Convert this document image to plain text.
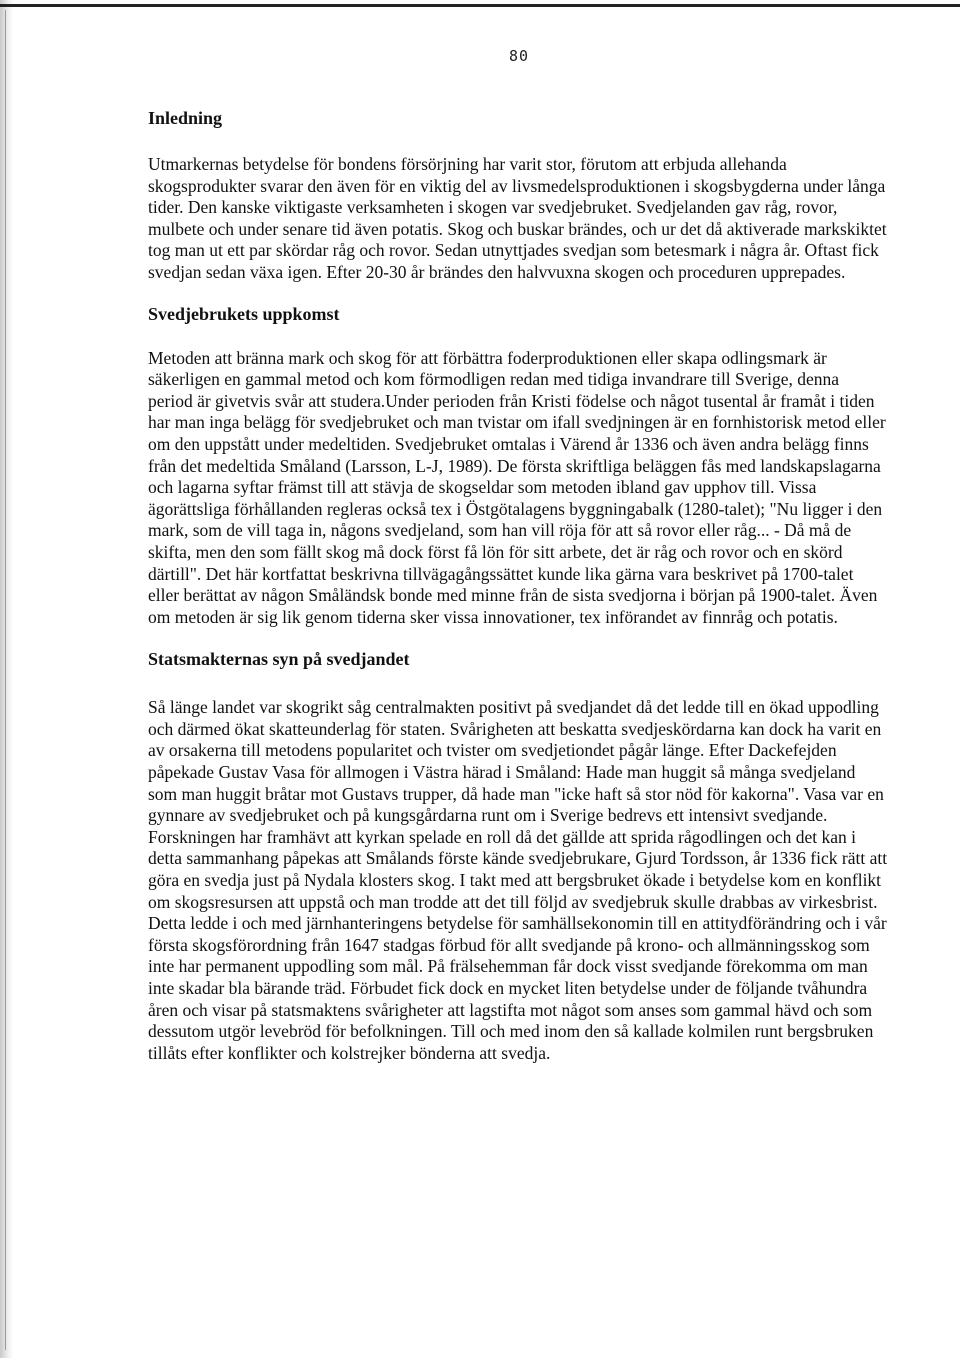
80
Inledning

Utmarkernas betydelse för bondens försörjning har varit stor, förutom att erbjuda allehanda skogsprodukter svarar den även för en viktig del av livsmedelsproduktionen i skogsbygderna under långa tider. Den kanske viktigaste verksamheten i skogen var svedjebruket. Svedjelanden gav råg, rovor, mulbete och under senare tid även potatis. Skog och buskar brändes, och ur det då aktiverade markskiktet tog man ut ett par skördar råg och rovor. Sedan utnyttjades svedjan som betesmark i några år. Oftast fick svedjan sedan växa igen. Efter 20-30 år brändes den halvvuxna skogen och proceduren upprepades.

Svedjebrukets uppkomst

Metoden att bränna mark och skog för att förbättra foderproduktionen eller skapa odlingsmark är säkerligen en gammal metod och kom förmodligen redan med tidiga invandrare till Sverige, denna period är givetvis svår att studera.Under perioden från Kristi födelse och något tusental år framåt i tiden har man inga belägg för svedjebruket och man tvistar om ifall svedjningen är en fornhistorisk metod eller om den uppstått under medeltiden. Svedjebruket omtalas i Värend år 1336 och även andra belägg finns från det medeltida Småland (Larsson, L-J, 1989). De första skriftliga beläggen fås med landskapslagarna och lagarna syftar främst till att stävja de skogseldar som metoden ibland gav upphov till. Vissa ägorättsliga förhållanden regleras också tex i Östgötalagens byggningabalk (1280-talet); "Nu ligger i den mark, som de vill taga in, någons svedjeland, som han vill röja för att så rovor eller råg... - Då må de skifta, men den som fällt skog må dock först få lön för sitt arbete, det är råg och rovor och en skörd därtill". Det här kortfattat beskrivna tillvägagångssättet kunde lika gärna vara beskrivet på 1700-talet eller berättat av någon Småländsk bonde med minne från de sista svedjorna i början på 1900-talet. Även om metoden är sig lik genom tiderna sker vissa innovationer, tex införandet av finnråg och potatis.

Statsmakternas syn på svedjandet

Så länge landet var skogrikt såg centralmakten positivt på svedjandet då det ledde till en ökad uppodling och därmed ökat skatteunderlag för staten. Svårigheten att beskatta svedjeskördarna kan dock ha varit en av orsakerna till metodens popularitet och tvister om svedjetiondet pågår länge. Efter Dackefejden påpekade Gustav Vasa för allmogen i Västra härad i Småland: Hade man huggit så många svedjeland som man huggit bråtar mot Gustavs trupper, då hade man "icke haft så stor nöd för kakorna". Vasa var en gynnare av svedjebruket och på kungsgårdarna runt om i Sverige bedrevs ett intensivt svedjande. Forskningen har framhävt att kyrkan spelade en roll då det gällde att sprida rågodlingen och det kan i detta sammanhang påpekas att Smålands förste kände svedjebrukare, Gjurd Tordsson, år 1336 fick rätt att göra en svedja just på Nydala klosters skog. I takt med att bergsbruket ökade i betydelse kom en konflikt om skogsresursen att uppstå och man trodde att det till följd av svedjebruk skulle drabbas av virkesbrist. Detta ledde i och med järnhanteringens betydelse för samhällsekonomin till en attitydförändring och i vår första skogsförordning från 1647 stadgas förbud för allt svedjande på krono- och allmänningsskog som inte har permanent uppodling som mål. På frälsehemman får dock visst svedjande förekomma om man inte skadar bla bärande träd. Förbudet fick dock en mycket liten betydelse under de följande tvåhundra åren och visar på statsmaktens svårigheter att lagstifta mot något som anses som gammal hävd och som dessutom utgör levebröd för befolkningen. Till och med inom den så kallade kolmilen runt bergsbruken tillåts efter konflikter och kolstrejker bönderna att svedja.
